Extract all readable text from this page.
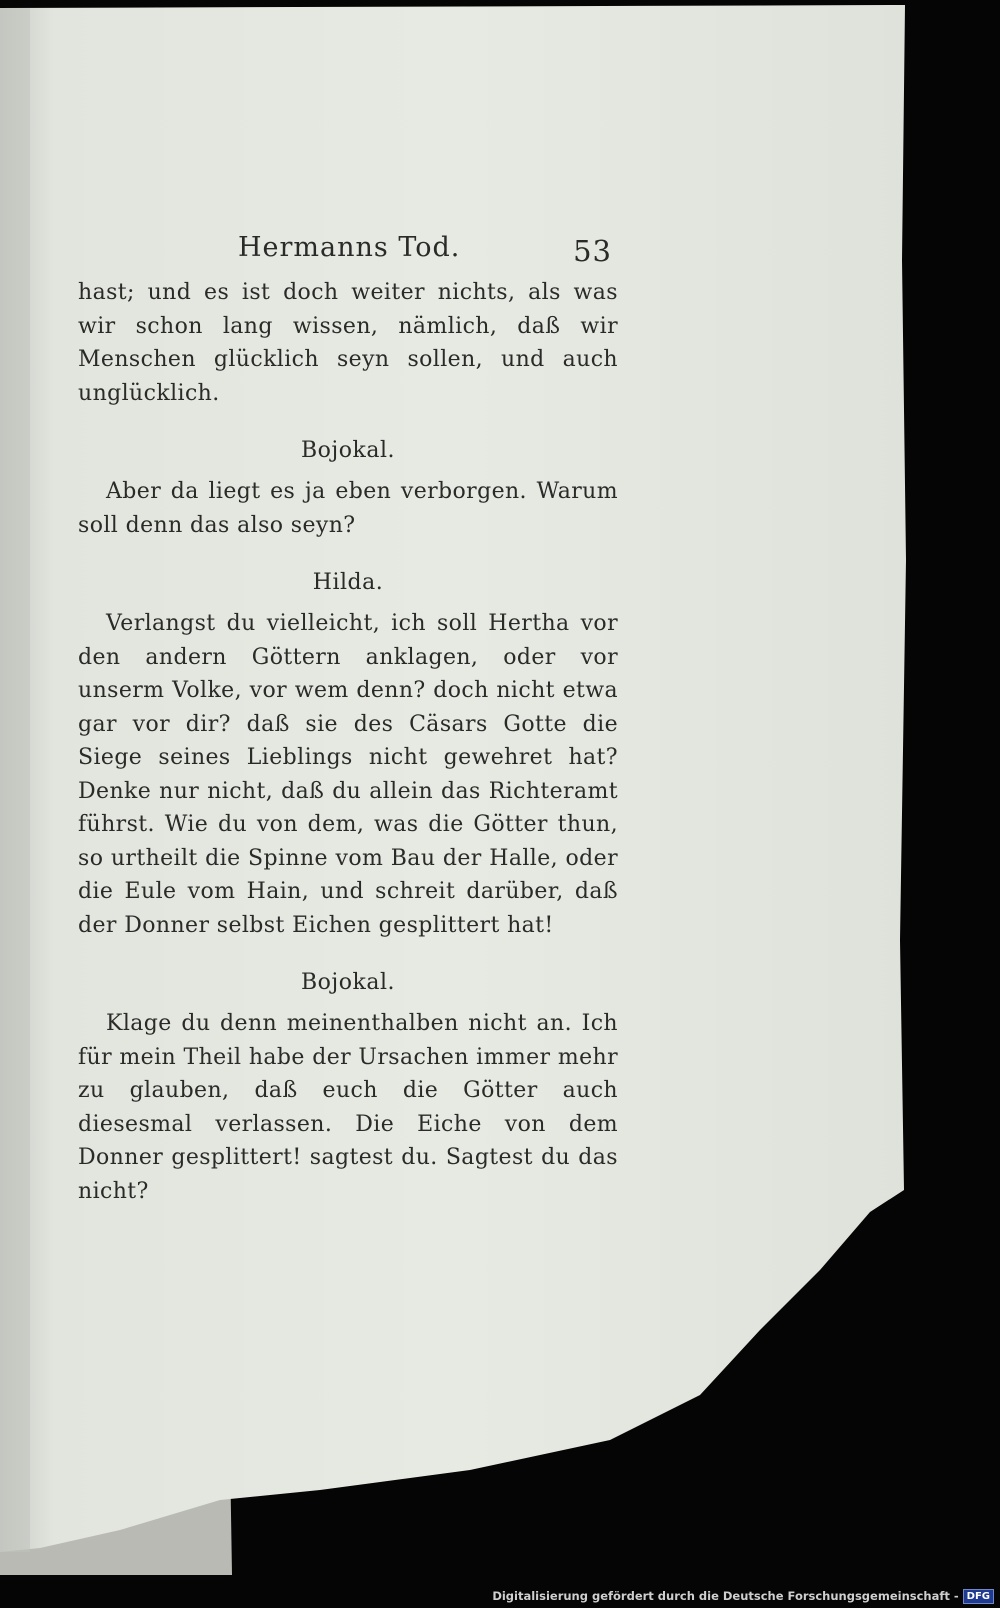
Hermanns Tod.	53

hast; und es ist doch weiter nichts, als was wir schon lang wissen, nämlich, daß wir Menschen glücklich seyn sollen, und auch unglücklich.

Bojokal.

Aber da liegt es ja eben verborgen. Warum soll denn das also seyn?

Hilda.

Verlangst du vielleicht, ich soll Hertha vor den andern Göttern anklagen, oder vor unserm Volke, vor wem denn? doch nicht etwa gar vor dir? daß sie des Cäsars Gotte die Siege seines Lieblings nicht gewehret hat? Denke nur nicht, daß du allein das Richteramt führst. Wie du von dem, was die Götter thun, so urtheilt die Spinne vom Bau der Halle, oder die Eule vom Hain, und schreit darüber, daß der Donner selbst Eichen gesplittert hat!

Bojokal.

Klage du denn meinenthalben nicht an. Ich für mein Theil habe der Ursachen immer mehr zu glauben, daß euch die Götter auch diesesmal verlassen. Die Eiche von dem Donner gesplittert! sagtest du. Sagtest du das nicht?

Digitalisierung gefördert durch die Deutsche Forschungsgemeinschaft - DFG
